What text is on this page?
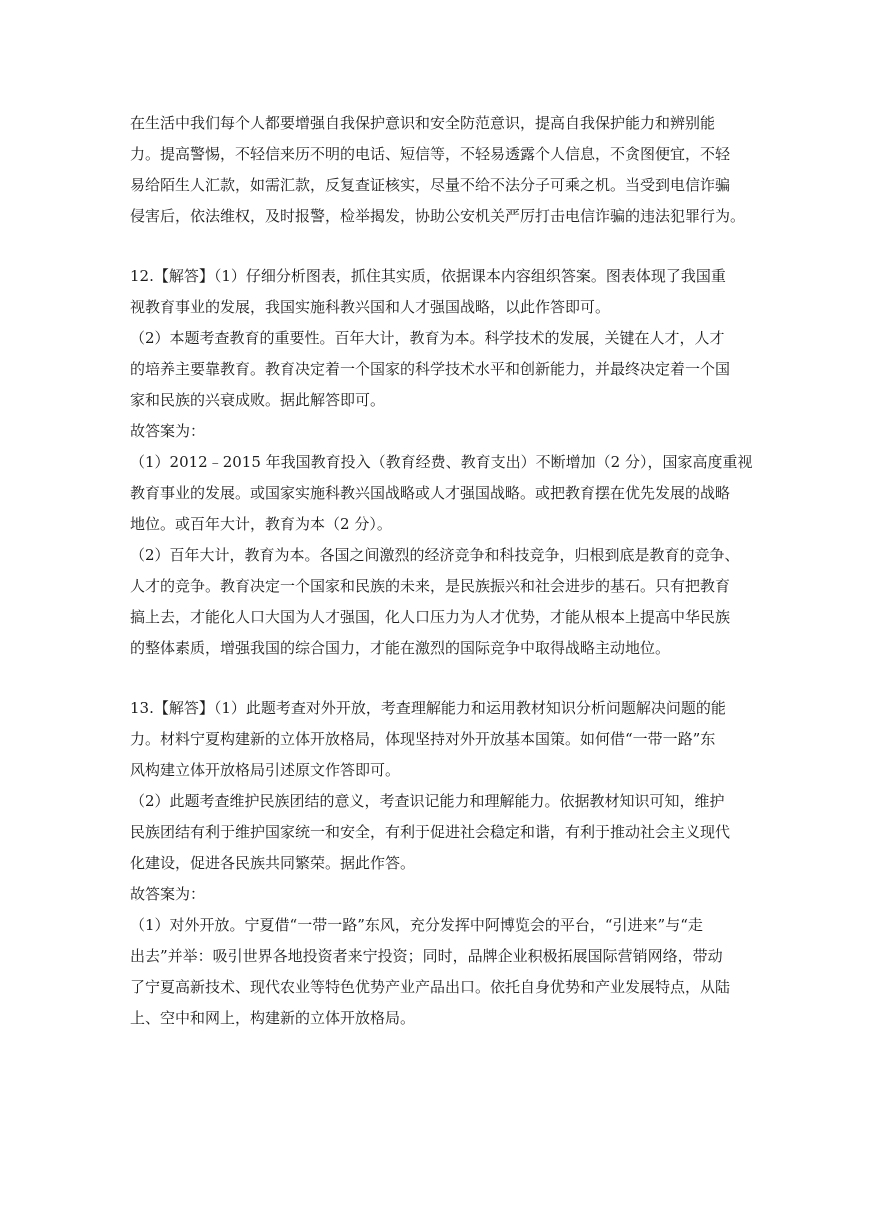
在生活中我们每个人都要增强自我保护意识和安全防范意识，提高自我保护能力和辨别能
力。提高警惕，不轻信来历不明的电话、短信等，不轻易透露个人信息，不贪图便宜，不轻
易给陌生人汇款，如需汇款，反复查证核实，尽量不给不法分子可乘之机。当受到电信诈骗
侵害后，依法维权，及时报警，检举揭发，协助公安机关严厉打击电信诈骗的违法犯罪行为。
12.【解答】（1）仔细分析图表，抓住其实质，依据课本内容组织答案。图表体现了我国重
视教育事业的发展，我国实施科教兴国和人才强国战略，以此作答即可。
（2）本题考查教育的重要性。百年大计，教育为本。科学技术的发展，关键在人才，人才
的培养主要靠教育。教育决定着一个国家的科学技术水平和创新能力，并最终决定着一个国
家和民族的兴衰成败。据此解答即可。
故答案为：
（1）2012﹣2015 年我国教育投入（教育经费、教育支出）不断增加（2 分），国家高度重视
教育事业的发展。或国家实施科教兴国战略或人才强国战略。或把教育摆在优先发展的战略
地位。或百年大计，教育为本（2 分）。
（2）百年大计，教育为本。各国之间激烈的经济竞争和科技竞争，归根到底是教育的竞争、
人才的竞争。教育决定一个国家和民族的未来，是民族振兴和社会进步的基石。只有把教育
搞上去，才能化人口大国为人才强国，化人口压力为人才优势，才能从根本上提高中华民族
的整体素质，增强我国的综合国力，才能在激烈的国际竞争中取得战略主动地位。
13.【解答】（1）此题考查对外开放，考查理解能力和运用教材知识分析问题解决问题的能
力。材料宁夏构建新的立体开放格局，体现坚持对外开放基本国策。如何借“一带一路”东
风构建立体开放格局引述原文作答即可。
（2）此题考查维护民族团结的意义，考查识记能力和理解能力。依据教材知识可知，维护
民族团结有利于维护国家统一和安全，有利于促进社会稳定和谐，有利于推动社会主义现代
化建设，促进各民族共同繁荣。据此作答。
故答案为：
（1）对外开放。宁夏借“一带一路”东风，充分发挥中阿博览会的平台，“引进来”与“走
出去”并举：吸引世界各地投资者来宁投资；同时，品牌企业积极拓展国际营销网络，带动
了宁夏高新技术、现代农业等特色优势产业产品出口。依托自身优势和产业发展特点，从陆
上、空中和网上，构建新的立体开放格局。
